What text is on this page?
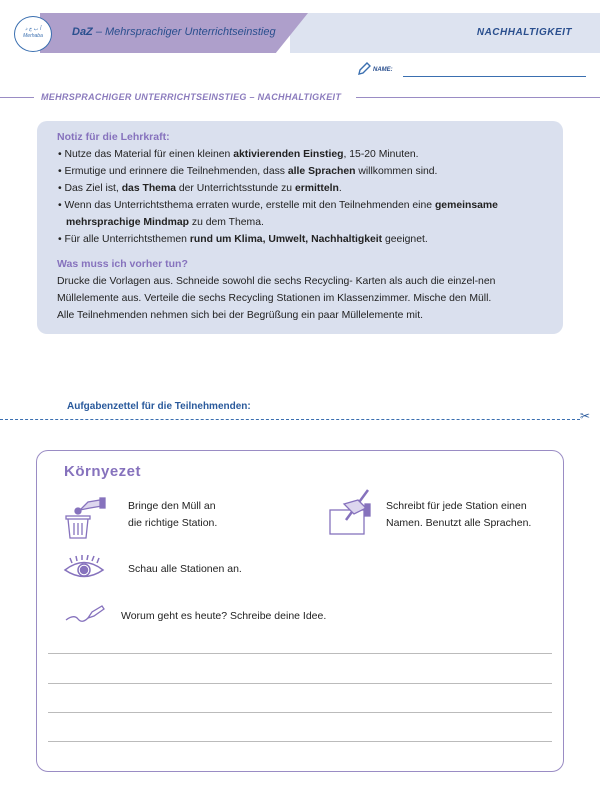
أ ب ج د
Merhaba	DaZ – Mehrsprachiger Unterrichtseinstieg	NACHHALTIGKEIT
NAME:
MEHRSPRACHIGER UNTERRICHTSEINSTIEG – NACHHALTIGKEIT
Notiz für die Lehrkraft:
• Nutze das Material für einen kleinen aktivierenden Einstieg, 15-20 Minuten.
• Ermutige und erinnere die Teilnehmenden, dass alle Sprachen willkommen sind.
• Das Ziel ist, das Thema der Unterrichtsstunde zu ermitteln.
• Wenn das Unterrichtsthema erraten wurde, erstelle mit den Teilnehmenden eine gemeinsame mehrsprachige Mindmap zu dem Thema.
• Für alle Unterrichtsthemen rund um Klima, Umwelt, Nachhaltigkeit geeignet.
Was muss ich vorher tun?
Drucke die Vorlagen aus. Schneide sowohl die sechs Recycling- Karten als auch die einzel-nen Müllelemente aus. Verteile die sechs Recycling Stationen im Klassenzimmer. Mische den Müll. Alle Teilnehmenden nehmen sich bei der Begrüßung ein paar Müllelemente mit.
Aufgabenzettel für die Teilnehmenden:
✂
Környezet
Bringe den Müll an
die richtige Station.
Schreibt für jede Station einen
Namen. Benutzt alle Sprachen.
Schau alle Stationen an.
Worum geht es heute? Schreibe deine Idee.
